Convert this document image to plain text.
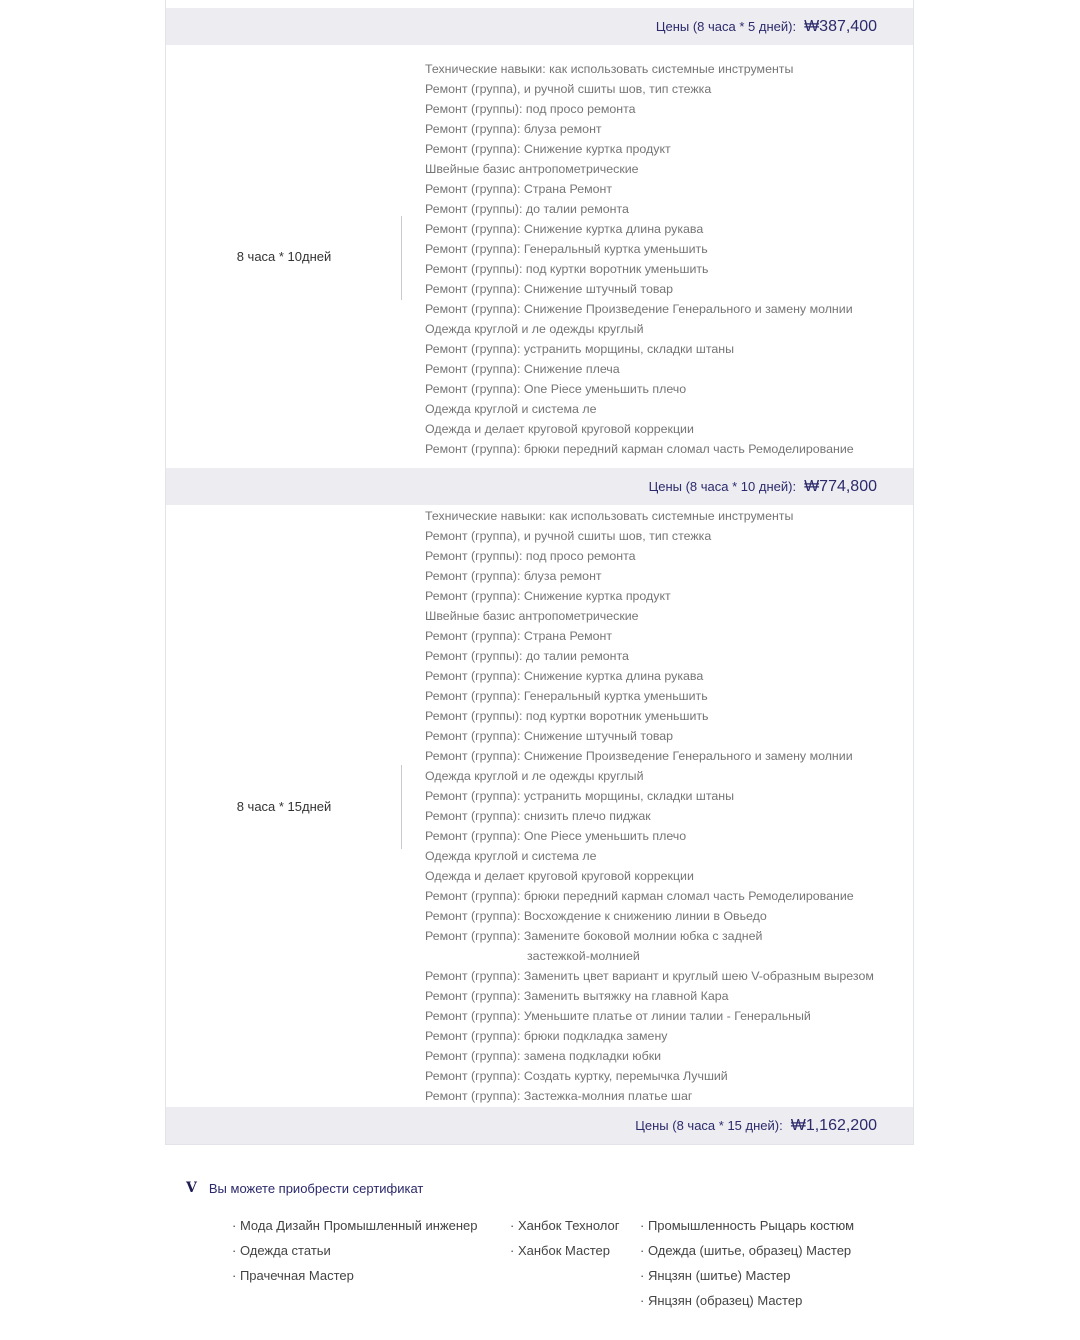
Цены (8 часа * 5 дней): ₩387,400
8 часа * 10дней
Технические навыки: как использовать системные инструменты
Ремонт (группа), и ручной сшиты шов, тип стежка
Ремонт (группы): под просо ремонта
Ремонт (группа): блуза ремонт
Ремонт (группа): Снижение куртка продукт
Швейные базис антропометрические
Ремонт (группа): Страна Ремонт
Ремонт (группы): до талии ремонта
Ремонт (группа): Снижение куртка длина рукава
Ремонт (группа): Генеральный куртка уменьшить
Ремонт (группы): под куртки воротник уменьшить
Ремонт (группа): Снижение штучный товар
Ремонт (группа): Снижение Произведение Генерального и замену молнии
Одежда круглой и ле одежды круглый
Ремонт (группа): устранить морщины, складки штаны
Ремонт (группа): Снижение плеча
Ремонт (группа): One Piece уменьшить плечо
Одежда круглой и система ле
Одежда и делает круговой круговой коррекции
Ремонт (группа): брюки передний карман сломал часть Ремоделирование
Цены (8 часа * 10 дней): ₩774,800
8 часа * 15дней
Технические навыки: как использовать системные инструменты
Ремонт (группа), и ручной сшиты шов, тип стежка
Ремонт (группы): под просо ремонта
Ремонт (группа): блуза ремонт
Ремонт (группа): Снижение куртка продукт
Швейные базис антропометрические
Ремонт (группа): Страна Ремонт
Ремонт (группы): до талии ремонта
Ремонт (группа): Снижение куртка длина рукава
Ремонт (группа): Генеральный куртка уменьшить
Ремонт (группы): под куртки воротник уменьшить
Ремонт (группа): Снижение штучный товар
Ремонт (группа): Снижение Произведение Генерального и замену молнии
Одежда круглой и ле одежды круглый
Ремонт (группа): устранить морщины, складки штаны
Ремонт (группа): снизить плечо пиджак
Ремонт (группа): One Piece уменьшить плечо
Одежда круглой и система ле
Одежда и делает круговой круговой коррекции
Ремонт (группа): брюки передний карман сломал часть Ремоделирование
Ремонт (группа): Восхождение к снижению линии в Овьедо
Ремонт (группа): Замените боковой молнии юбка с задней
застежкой-молнией
Ремонт (группа): Заменить цвет вариант и круглый шею V-образным вырезом
Ремонт (группа): Заменить вытяжку на главной Кара
Ремонт (группа): Уменьшите платье от линии талии - Генеральный
Ремонт (группа): брюки подкладка замену
Ремонт (группа): замена подкладки юбки
Ремонт (группа): Создать куртку, перемычка Лучший
Ремонт (группа): Застежка-молния платье шаг
Цены (8 часа * 15 дней): ₩1,162,200
V Вы можете приобрести сертификат
· Мода Дизайн Промышленный инженер
· Одежда статьи
· Прачечная Мастер
· Ханбок Технолог
· Ханбок Мастер
· Промышленность Рыцарь костюм
· Одежда (шитье, образец) Мастер
· Янцзян (шитье) Мастер
· Янцзян (образец) Мастер
